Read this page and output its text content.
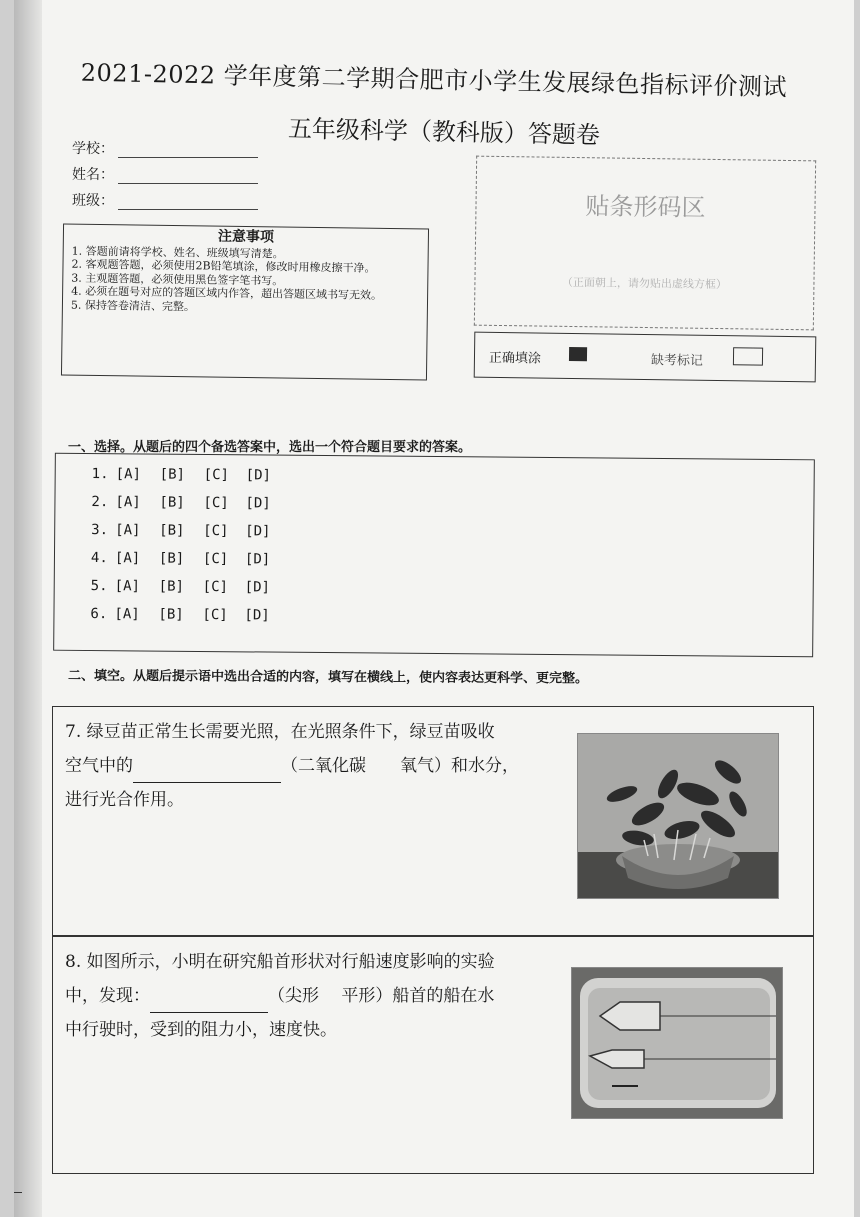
2021-2022 学年度第二学期合肥市小学生发展绿色指标评价测试
五年级科学（教科版）答题卷
学校：
姓名：
班级：
注意事项
1. 答题前请将学校、姓名、班级填写清楚。
2. 客观题答题，必须使用2B铅笔填涂，修改时用橡皮擦干净。
3. 主观题答题，必须使用黑色签字笔书写。
4. 必须在题号对应的答题区域内作答，超出答题区域书写无效。
5. 保持答卷清洁、完整。
贴条形码区
（正面朝上，请勿贴出虚线方框）
正确填涂	缺考标记
一、选择。从题后的四个备选答案中，选出一个符合题目要求的答案。
1. [A] [B] [C] [D]
2. [A] [B] [C] [D]
3. [A] [B] [C] [D]
4. [A] [B] [C] [D]
5. [A] [B] [C] [D]
6. [A] [B] [C] [D]
二、填空。从题后提示语中选出合适的内容，填写在横线上，使内容表达更科学、更完整。
7. 绿豆苗正常生长需要光照，在光照条件下，绿豆苗吸收
空气中的	（二氧化碳　　氧气）和水分，
进行光合作用。
8. 如图所示，小明在研究船首形状对行船速度影响的实验
中，发现：	（尖形　 平形）船首的船在水
中行驶时，受到的阻力小，速度快。
